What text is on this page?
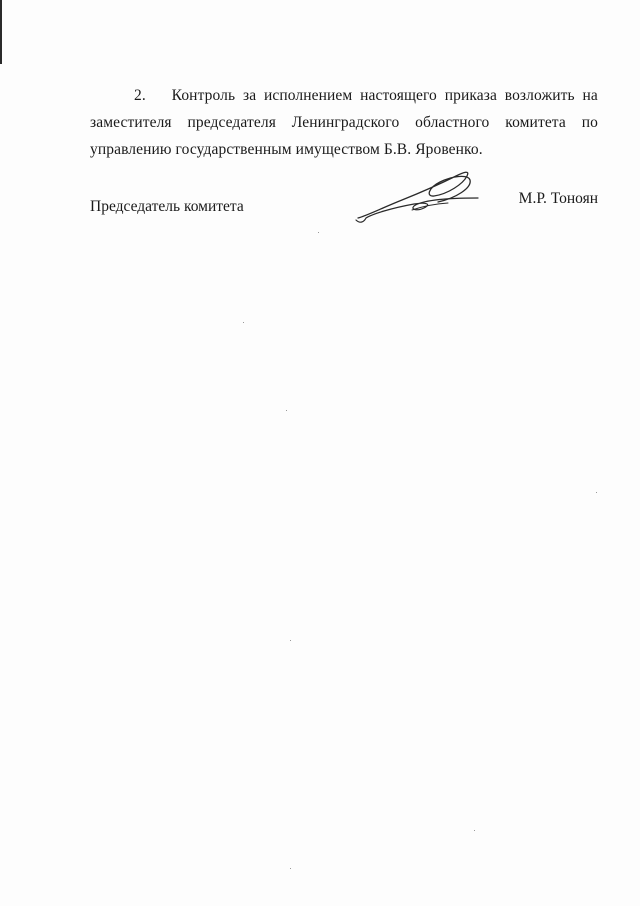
2. Контроль за исполнением настоящего приказа возложить на
заместителя председателя Ленинградского областного комитета по
управлению государственным имуществом Б.В. Яровенко.
Председатель комитета	М.Р. Тоноян
